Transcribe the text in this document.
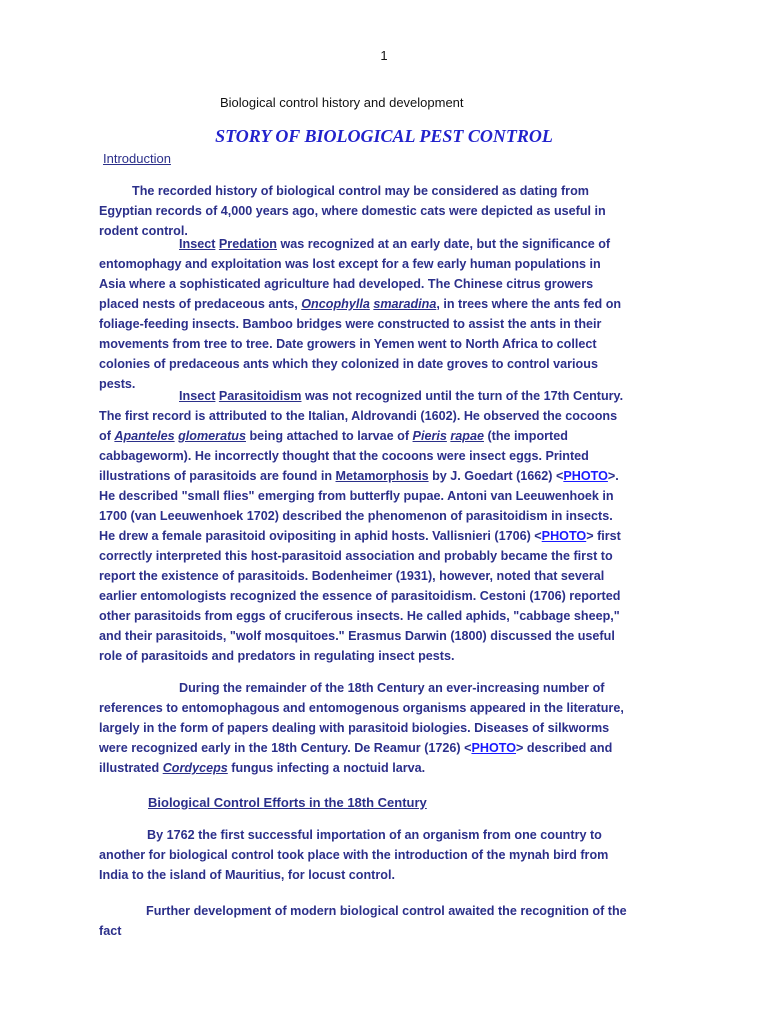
1
Biological control history and development
STORY OF BIOLOGICAL PEST CONTROL
Introduction
The recorded history of biological control may be considered as dating from Egyptian records of 4,000 years ago, where domestic cats were depicted as useful in rodent control.
Insect Predation was recognized at an early date, but the significance of entomophagy and exploitation was lost except for a few early human populations in Asia where a sophisticated agriculture had developed. The Chinese citrus growers placed nests of predaceous ants, Oncophylla smaradina, in trees where the ants fed on foliage-feeding insects. Bamboo bridges were constructed to assist the ants in their movements from tree to tree. Date growers in Yemen went to North Africa to collect colonies of predaceous ants which they colonized in date groves to control various pests.
Insect Parasitoidism was not recognized until the turn of the 17th Century. The first record is attributed to the Italian, Aldrovandi (1602). He observed the cocoons of Apanteles glomeratus being attached to larvae of Pieris rapae (the imported cabbageworm). He incorrectly thought that the cocoons were insect eggs. Printed illustrations of parasitoids are found in Metamorphosis by J. Goedart (1662) <PHOTO>. He described "small flies" emerging from butterfly pupae. Antoni van Leeuwenhoek in 1700 (van Leeuwenhoek 1702) described the phenomenon of parasitoidism in insects. He drew a female parasitoid ovipositing in aphid hosts. Vallisnieri (1706) <PHOTO> first correctly interpreted this host-parasitoid association and probably became the first to report the existence of parasitoids. Bodenheimer (1931), however, noted that several earlier entomologists recognized the essence of parasitoidism. Cestoni (1706) reported other parasitoids from eggs of cruciferous insects. He called aphids, "cabbage sheep," and their parasitoids, "wolf mosquitoes." Erasmus Darwin (1800) discussed the useful role of parasitoids and predators in regulating insect pests.
During the remainder of the 18th Century an ever-increasing number of references to entomophagous and entomogenous organisms appeared in the literature, largely in the form of papers dealing with parasitoid biologies. Diseases of silkworms were recognized early in the 18th Century. De Reamur (1726) <PHOTO> described and illustrated Cordyceps fungus infecting a noctuid larva.
Biological Control Efforts in the 18th Century
By 1762 the first successful importation of an organism from one country to another for biological control took place with the introduction of the mynah bird from India to the island of Mauritius, for locust control.
Further development of modern biological control awaited the recognition of the fact
